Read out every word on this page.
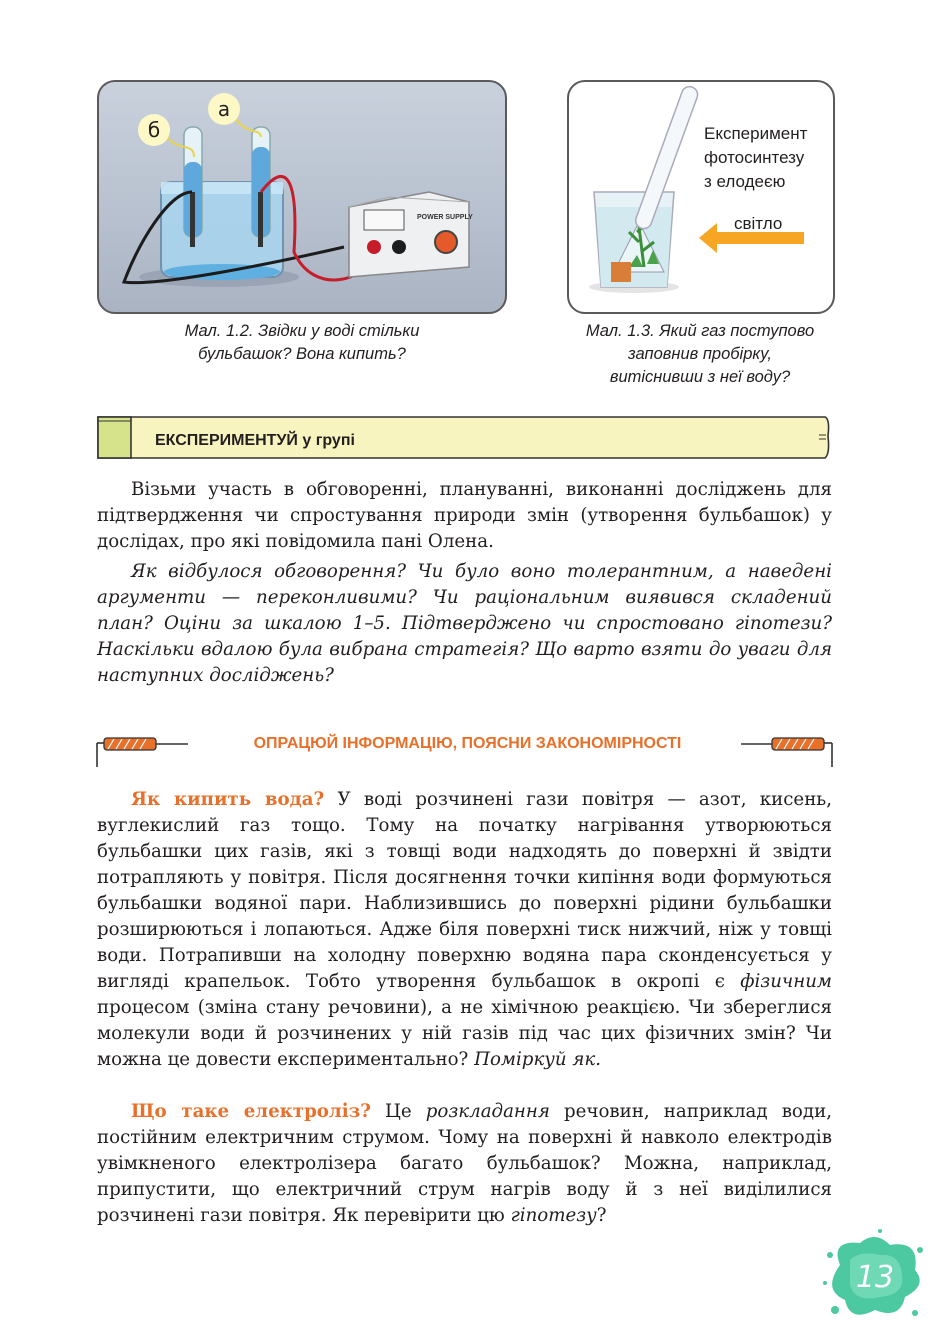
POWER SUPPLY
б
а
Мал. 1.2. Звідки у воді стільки
бульбашок? Вона кипить?
Експеримент
фотосинтезу
з елодеєю
світло
Мал. 1.3. Який газ поступово
заповнив пробірку,
витіснивши з неї воду?
ЕКСПЕРИМЕНТУЙ у групі
Візьми участь в обговоренні, плануванні, виконанні досліджень для підтвердження чи спростування природи змін (утворення бульбашок) у дослідах, про які повідомила пані Олена.
Як відбулося обговорення? Чи було воно толерантним, а наведені аргументи — переконливими? Чи раціональним виявився складений план? Оціни за шкалою 1–5. Підтверджено чи спростовано гіпотези? Наскільки вдалою була вибрана стратегія? Що варто взяти до уваги для наступних досліджень?
ОПРАЦЮЙ ІНФОРМАЦІЮ, ПОЯСНИ ЗАКОНОМІРНОСТІ
Як кипить вода? У воді розчинені гази повітря — азот, кисень, вуглекислий газ тощо. Тому на початку нагрівання утворюються бульбашки цих газів, які з товщі води надходять до поверхні й звідти потрапляють у повітря. Після досягнення точки кипіння води формуються бульбашки водяної пари. Наблизившись до поверхні рідини бульбашки розширюються і лопаються. Адже біля поверхні тиск нижчий, ніж у товщі води. Потрапивши на холодну поверхню водяна пара сконденсується у вигляді крапельок. Тобто утворення бульбашок в окропі є фізичним процесом (зміна стану речовини), а не хімічною реакцією. Чи збереглися молекули води й розчинених у ній газів під час цих фізичних змін? Чи можна це довести експериментально? Поміркуй як.
Що таке електроліз? Це розкладання речовин, наприклад води, постійним електричним струмом. Чому на поверхні й навколо електродів увімкненого електролізера багато бульбашок? Можна, наприклад, припустити, що електричний струм нагрів воду й з неї виділилися розчинені гази повітря. Як перевірити цю гіпотезу?
13
